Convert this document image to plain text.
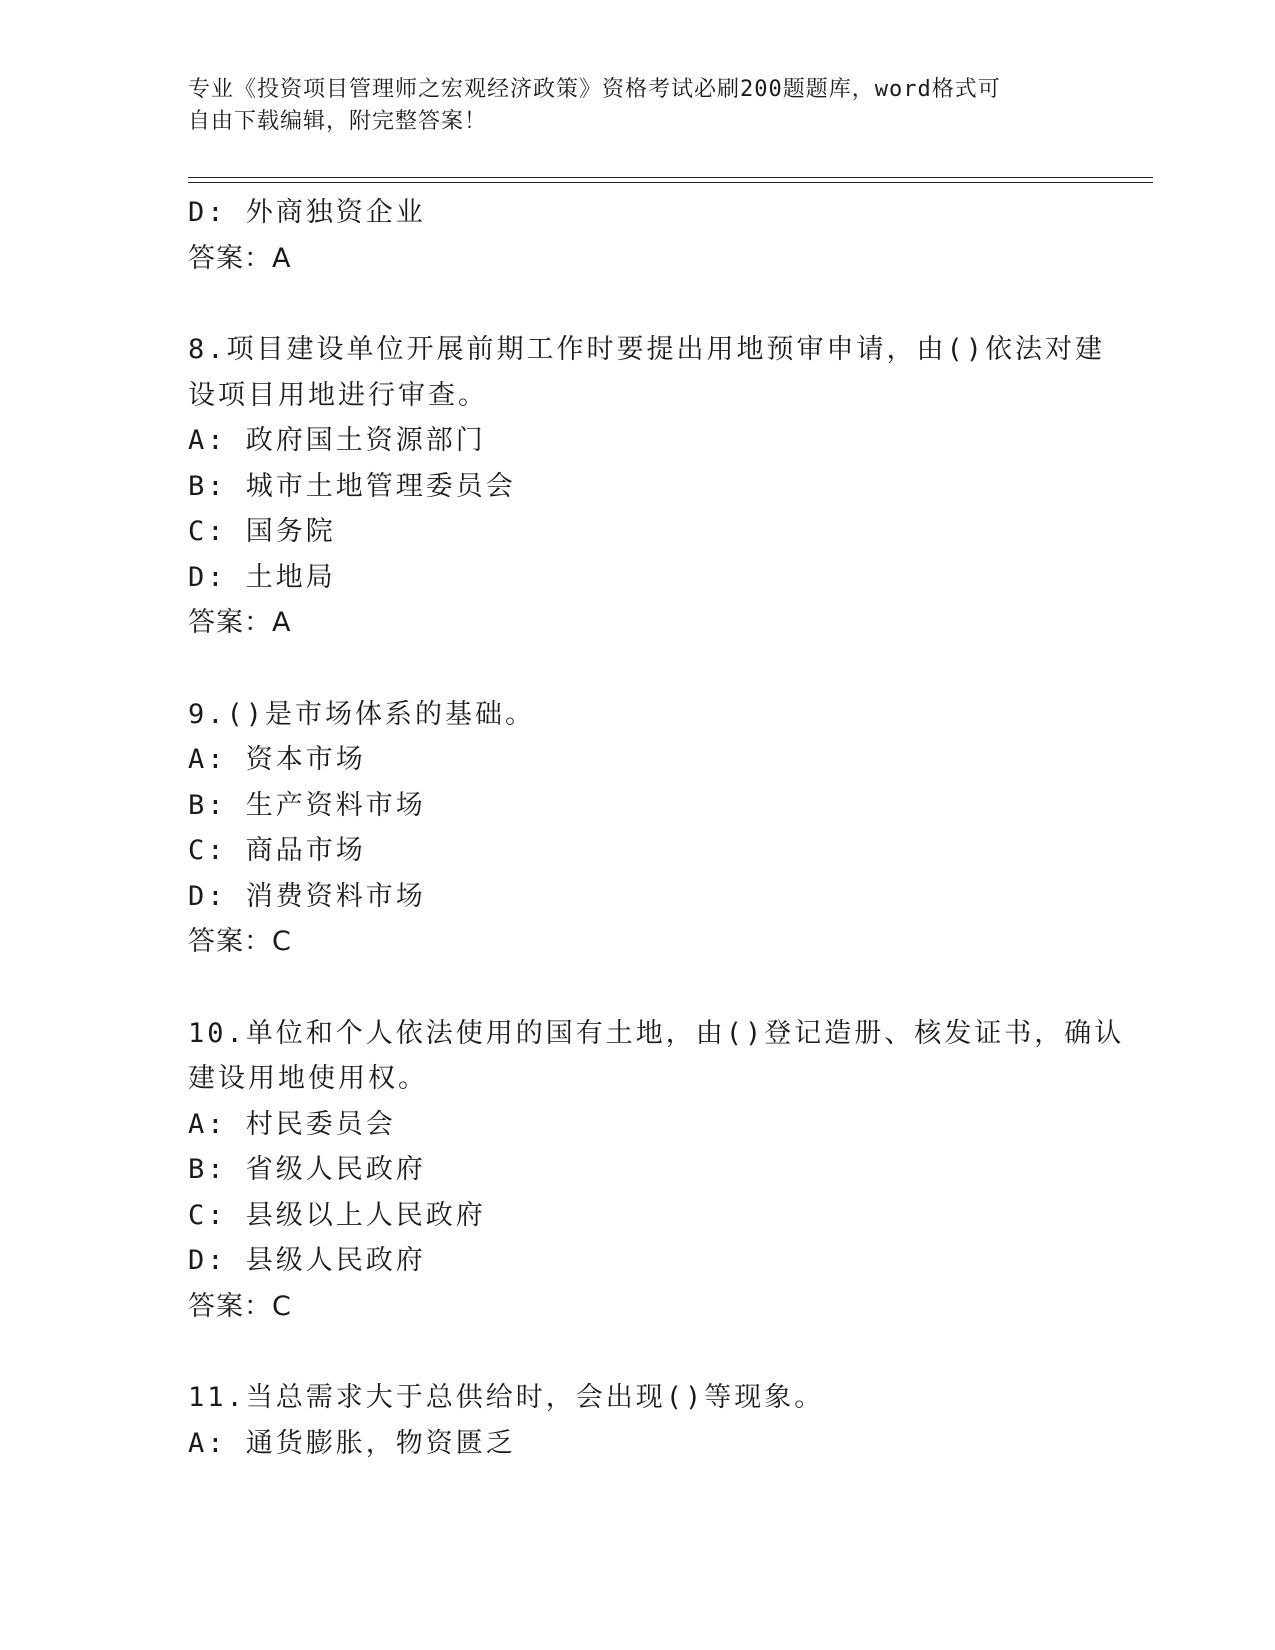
专业《投资项目管理师之宏观经济政策》资格考试必刷200题题库，word格式可
自由下载编辑，附完整答案！
D: 外商独资企业
答案：A
8.项目建设单位开展前期工作时要提出用地预审申请，由()依法对建
设项目用地进行审查。
A: 政府国土资源部门
B: 城市土地管理委员会
C: 国务院
D: 土地局
答案：A
9.()是市场体系的基础。
A: 资本市场
B: 生产资料市场
C: 商品市场
D: 消费资料市场
答案：C
10.单位和个人依法使用的国有土地，由()登记造册、核发证书，确认
建设用地使用权。
A: 村民委员会
B: 省级人民政府
C: 县级以上人民政府
D: 县级人民政府
答案：C
11.当总需求大于总供给时，会出现()等现象。
A: 通货膨胀，物资匮乏
